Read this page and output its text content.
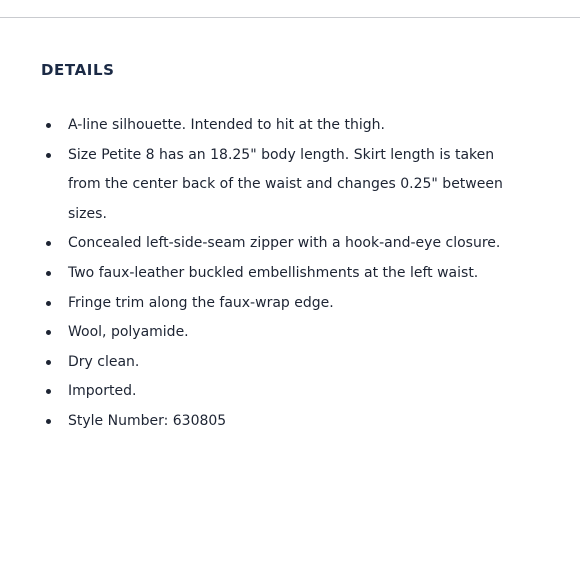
DETAILS
A-line silhouette. Intended to hit at the thigh.
Size Petite 8 has an 18.25" body length. Skirt length is taken from the center back of the waist and changes 0.25" between sizes.
Concealed left-side-seam zipper with a hook-and-eye closure.
Two faux-leather buckled embellishments at the left waist.
Fringe trim along the faux-wrap edge.
Wool, polyamide.
Dry clean.
Imported.
Style Number: 630805
